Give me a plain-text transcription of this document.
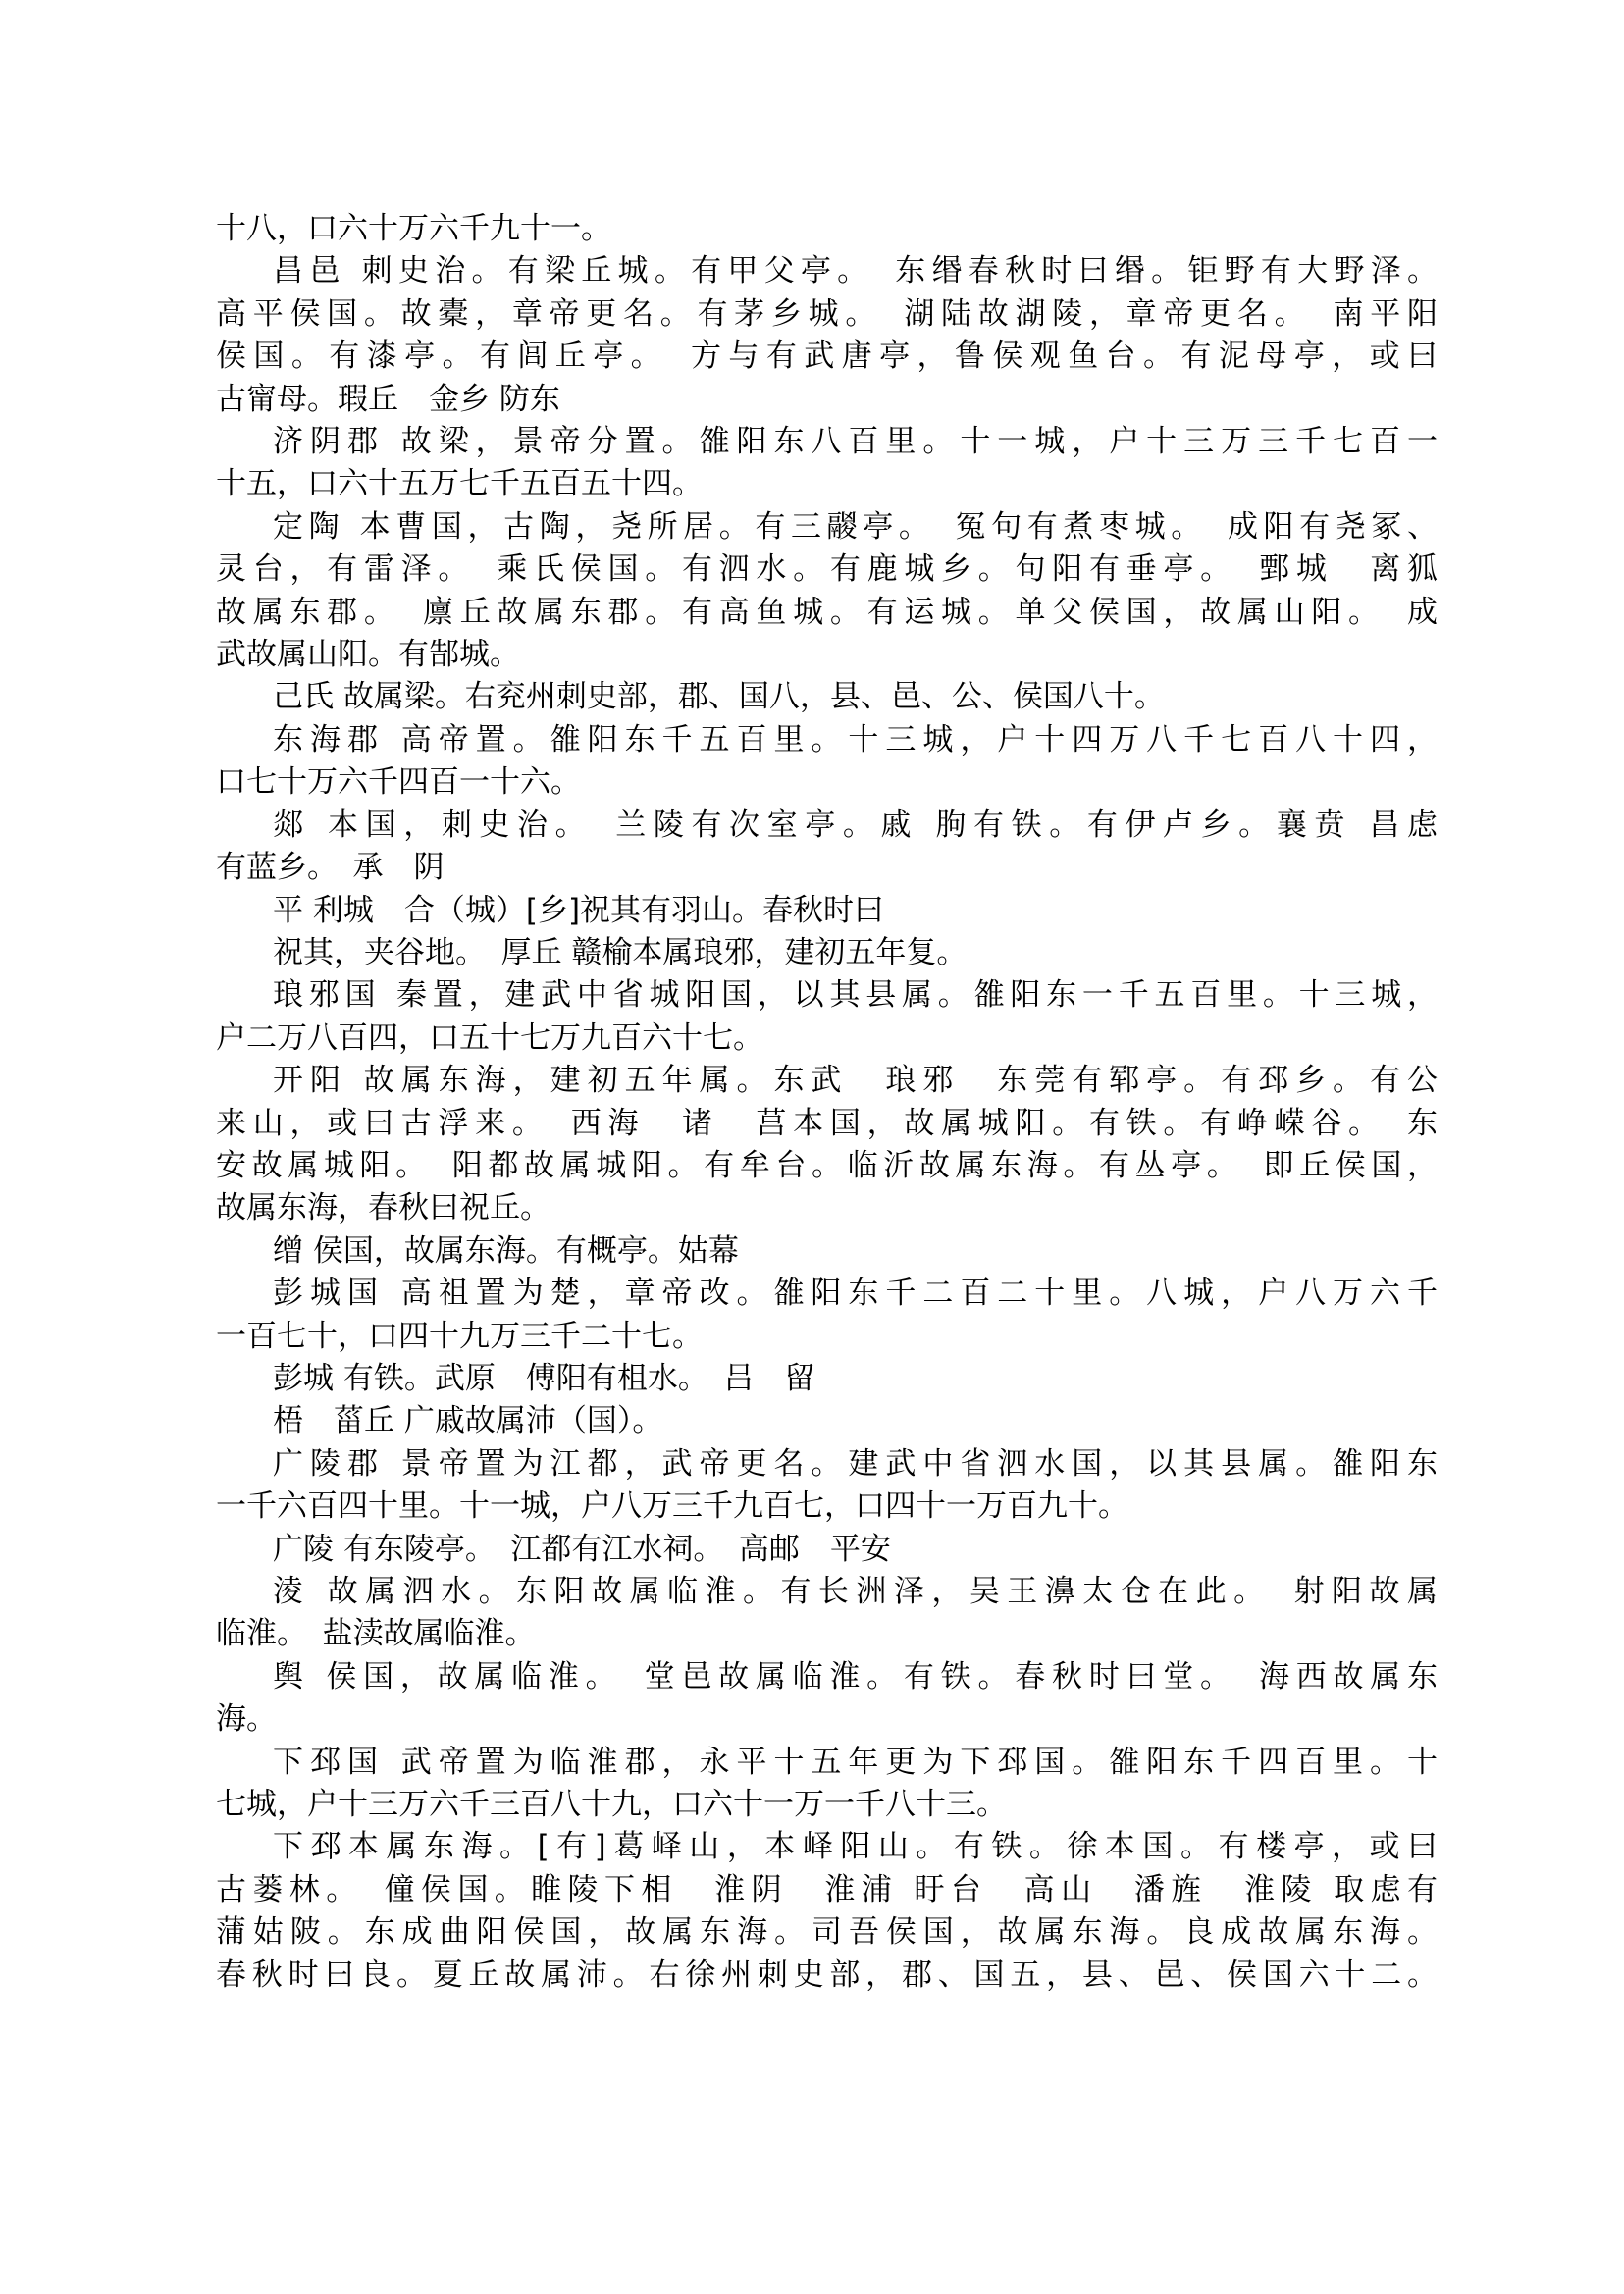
十八，口六十万六千九十一。
昌邑 刺史治。有梁丘城。有甲父亭。　东缗春秋时曰缗。钜野有大野泽。
高平侯国。故橐，章帝更名。有茅乡城。　湖陆故湖陵，章帝更名。　南平阳
侯国。有漆亭。有闾丘亭。　方与有武唐亭，鲁侯观鱼台。有泥母亭，或曰
古甯母。瑕丘　金乡 防东
济阴郡 故梁，景帝分置。雒阳东八百里。十一城，户十三万三千七百一
十五，口六十五万七千五百五十四。
定陶 本曹国，古陶，尧所居。有三鬷亭。　冤句有煮枣城。　成阳有尧冢、
灵台，有雷泽。　乘氏侯国。有泗水。有鹿城乡。句阳有垂亭。　鄄城　离狐
故属东郡。　廪丘故属东郡。有高鱼城。有运城。单父侯国，故属山阳。　成
武故属山阳。有郜城。
己氏 故属梁。右兖州刺史部，郡、国八，县、邑、公、侯国八十。
东海郡 高帝置。雒阳东千五百里。十三城，户十四万八千七百八十四，
口七十万六千四百一十六。
郯 本国，刺史治。　兰陵有次室亭。戚 朐有铁。有伊卢乡。襄贲 昌虑
有蓝乡。　承　阴
平 利城　合（城）[乡]祝其有羽山。春秋时曰
祝其，夹谷地。　厚丘 赣榆本属琅邪，建初五年复。
琅邪国 秦置，建武中省城阳国，以其县属。雒阳东一千五百里。十三城，
户二万八百四，口五十七万九百六十七。
开阳 故属东海，建初五年属。东武　琅邪　东莞有郓亭。有邳乡。有公
来山，或曰古浮来。　西海　诸　莒本国，故属城阳。有铁。有峥嵘谷。　东
安故属城阳。　阳都故属城阳。有牟台。临沂故属东海。有丛亭。　即丘侯国，
故属东海，春秋曰祝丘。
缯 侯国，故属东海。有概亭。姑幕
彭城国 高祖置为楚，章帝改。雒阳东千二百二十里。八城，户八万六千
一百七十，口四十九万三千二十七。
彭城 有铁。武原　傅阳有柤水。　吕　留
梧　菑丘 广戚故属沛（国）。
广陵郡 景帝置为江都，武帝更名。建武中省泗水国，以其县属。雒阳东
一千六百四十里。十一城，户八万三千九百七，口四十一万百九十。
广陵 有东陵亭。　江都有江水祠。　高邮　平安
淩 故属泗水。东阳故属临淮。有长洲泽，吴王濞太仓在此。　射阳故属
临淮。　盐渎故属临淮。
舆 侯国，故属临淮。　堂邑故属临淮。有铁。春秋时曰堂。　海西故属东
海。
下邳国 武帝置为临淮郡，永平十五年更为下邳国。雒阳东千四百里。十
七城，户十三万六千三百八十九，口六十一万一千八十三。
下邳本属东海。[有]葛峄山，本峄阳山。有铁。徐本国。有楼亭，或曰
古蒌林。　僮侯国。睢陵下相　淮阴　淮浦 盱台　高山　潘旌　淮陵 取虑有
蒲姑陂。东成曲阳侯国，故属东海。司吾侯国，故属东海。良成故属东海。
春秋时曰良。夏丘故属沛。右徐州刺史部，郡、国五，县、邑、侯国六十二。
